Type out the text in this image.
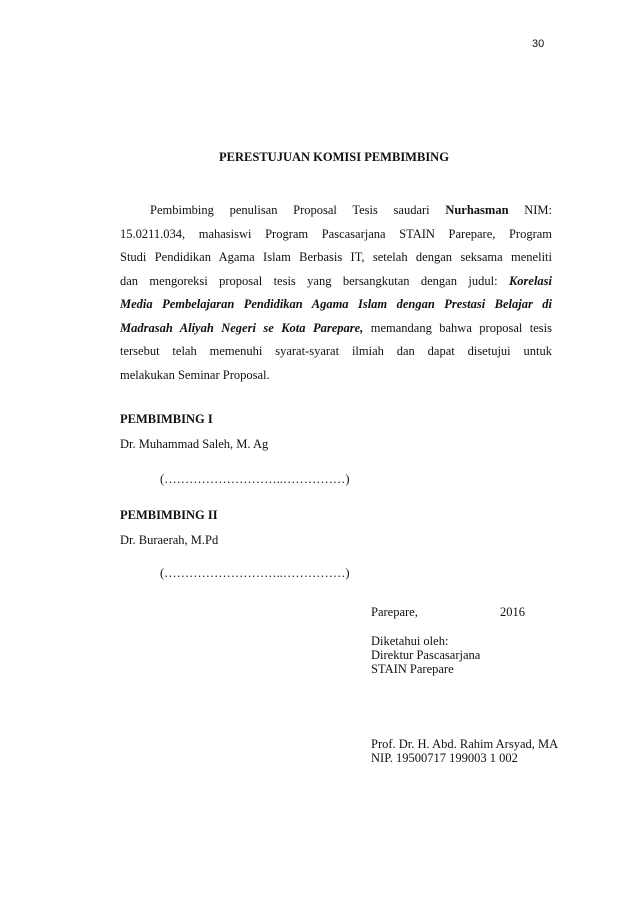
30
PERESTUJUAN KOMISI PEMBIMBING
Pembimbing penulisan Proposal Tesis saudari Nurhasman NIM:
15.0211.034, mahasiswi Program Pascasarjana STAIN Parepare, Program
Studi Pendidikan Agama Islam Berbasis IT, setelah dengan seksama meneliti
dan mengoreksi proposal tesis yang bersangkutan dengan judul: Korelasi
Media Pembelajaran Pendidikan Agama Islam dengan Prestasi Belajar di
Madrasah Aliyah Negeri se Kota Parepare, memandang bahwa proposal tesis
tersebut telah memenuhi syarat-syarat ilmiah dan dapat disetujui untuk
melakukan Seminar Proposal.
PEMBIMBING I
Dr. Muhammad Saleh, M. Ag
(………………………..……………)
PEMBIMBING II
Dr. Buraerah, M.Pd
(………………………..……………)
Parepare,	2016
Diketahui oleh:
Direktur Pascasarjana
STAIN Parepare
Prof. Dr. H. Abd. Rahim Arsyad, MA
NIP. 19500717 199003 1 002
